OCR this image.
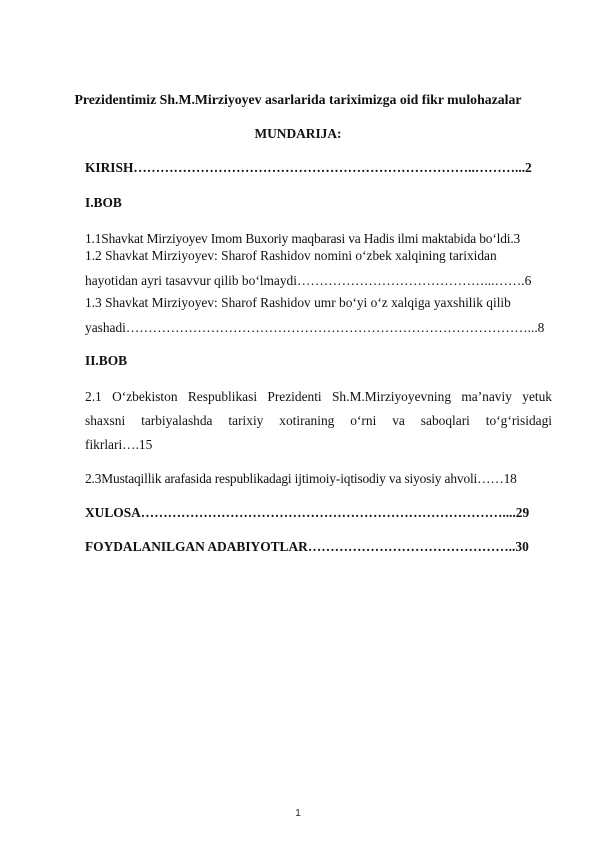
Prezidentimiz Sh.M.Mirziyoyev asarlarida tariximizga oid fikr mulohazalar
MUNDARIJA:
KIRISH…………………………………………………………………..………...2
I.BOB
1.1Shavkat Mirziyoyev Imom Buxoriy maqbarasi va Hadis ilmi maktabida bo‘ldi.3
1.2 Shavkat Mirziyoyev: Sharof Rashidov nomini o‘zbek xalqining tarixidan
hayotidan ayri tasavvur qilib bo‘lmaydi……………………………………...…….6
1.3 Shavkat Mirziyoyev: Sharof Rashidov umr bo‘yi o‘z xalqiga yaxshilik qilib
yashadi………………………………………………………………………………...8
II.BOB
2.1 O‘zbekiston Respublikasi Prezidenti Sh.M.Mirziyoyevning ma’naviy yetuk
shaxsni tarbiyalashda tarixiy xotiraning o‘rni va saboqlari to‘g‘risidagi
fikrlari….15
2.3Mustaqillik arafasida respublikadagi ijtimoiy-iqtisodiy va siyosiy ahvoli……18
XULOSA………………………………………………………………………....29
FOYDALANILGAN ADABIYOTLAR………………………………………..30
1
